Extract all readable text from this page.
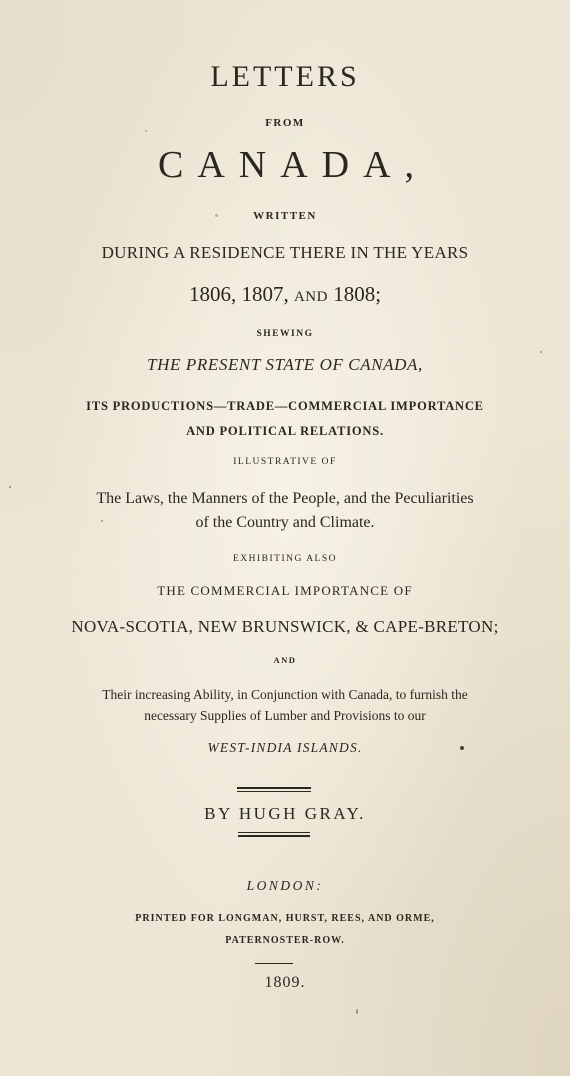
LETTERS
FROM
CANADA,
WRITTEN
DURING A RESIDENCE THERE IN THE YEARS
1806, 1807, AND 1808;
SHEWING
THE PRESENT STATE OF CANADA,
ITS PRODUCTIONS—TRADE—COMMERCIAL IMPORTANCE
AND POLITICAL RELATIONS.
ILLUSTRATIVE OF
The Laws, the Manners of the People, and the Peculiarities
of the Country and Climate.
EXHIBITING ALSO
THE COMMERCIAL IMPORTANCE OF
NOVA-SCOTIA, NEW BRUNSWICK, & CAPE-BRETON;
AND
Their increasing Ability, in Conjunction with Canada, to furnish the
necessary Supplies of Lumber and Provisions to our
WEST-INDIA ISLANDS.
BY HUGH GRAY.
LONDON:
PRINTED FOR LONGMAN, HURST, REES, AND ORME,
PATERNOSTER-ROW.
1809.
